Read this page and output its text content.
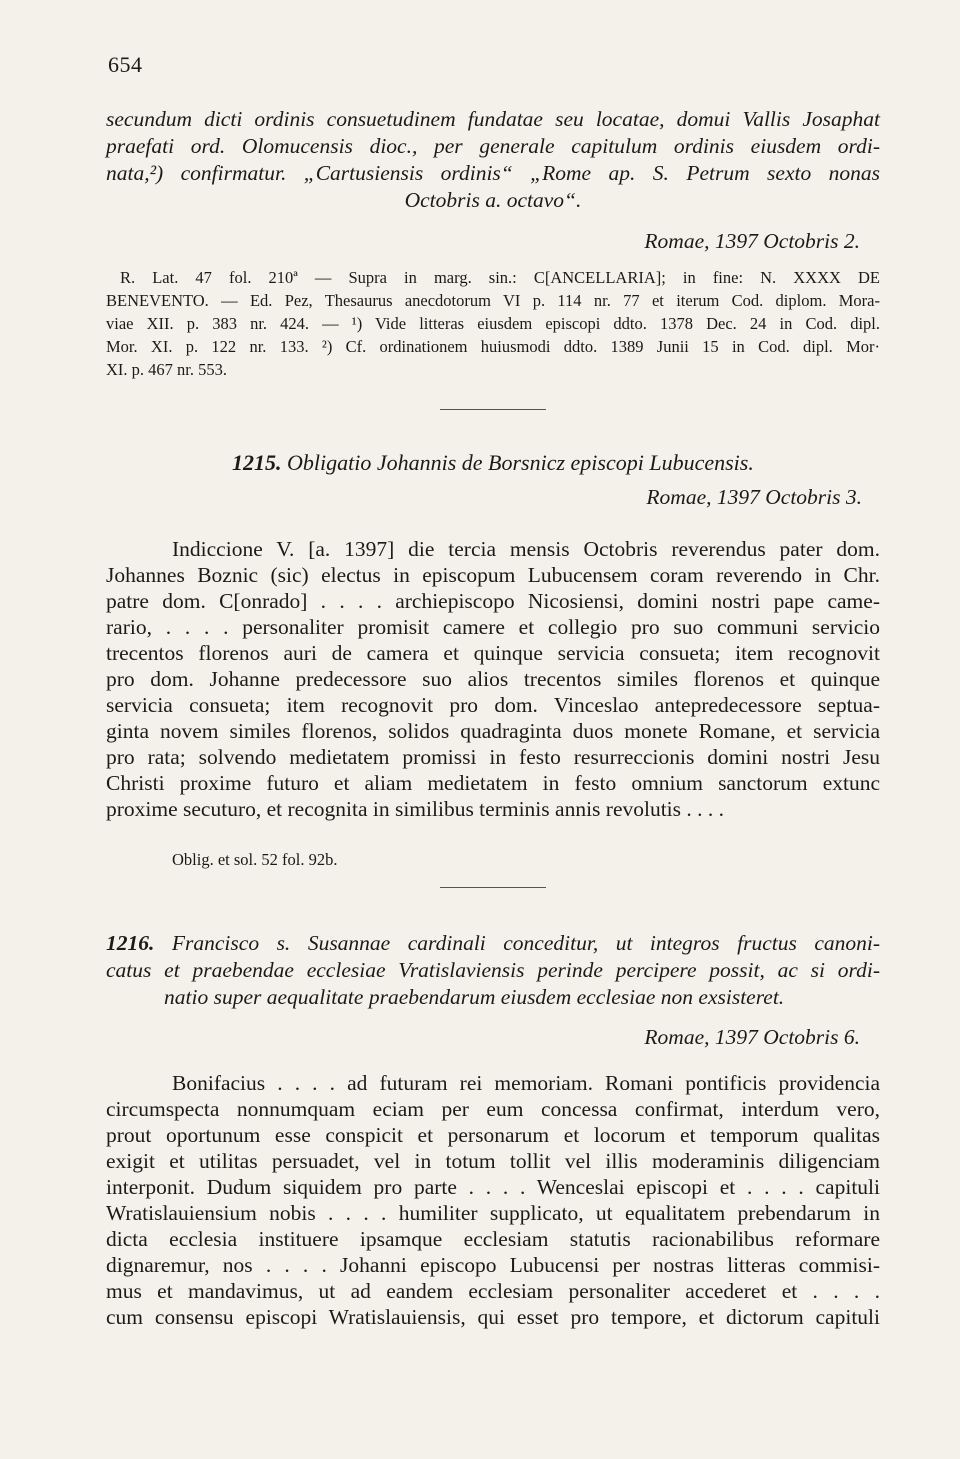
654
secundum dicti ordinis consuetudinem fundatae seu locatae, domui Vallis Josaphat
praefati ord. Olomucensis dioc., per generale capitulum ordinis eiusdem ordi-
nata,²) confirmatur. „Cartusiensis ordinis“ „Rome ap. S. Petrum sexto nonas
Octobris a. octavo“.
Romae, 1397 Octobris 2.
R. Lat. 47 fol. 210ª — Supra in marg. sin.: C[ANCELLARIA]; in fine: N. XXXX DE
BENEVENTO. — Ed. Pez, Thesaurus anecdotorum VI p. 114 nr. 77 et iterum Cod. diplom. Mora-
viae XII. p. 383 nr. 424. — ¹) Vide litteras eiusdem episcopi ddto. 1378 Dec. 24 in Cod. dipl.
Mor. XI. p. 122 nr. 133. ²) Cf. ordinationem huiusmodi ddto. 1389 Junii 15 in Cod. dipl. Mor·
XI. p. 467 nr. 553.
1215. Obligatio Johannis de Borsnicz episcopi Lubucensis.
Romae, 1397 Octobris 3.
Indiccione V. [a. 1397] die tercia mensis Octobris reverendus pater dom.
Johannes Boznic (sic) electus in episcopum Lubucensem coram reverendo in Chr.
patre dom. C[onrado] . . . . archiepiscopo Nicosiensi, domini nostri pape came-
rario, . . . . personaliter promisit camere et collegio pro suo communi servicio
trecentos florenos auri de camera et quinque servicia consueta; item recognovit
pro dom. Johanne predecessore suo alios trecentos similes florenos et quinque
servicia consueta; item recognovit pro dom. Vinceslao antepredecessore septua-
ginta novem similes florenos, solidos quadraginta duos monete Romane, et servicia
pro rata; solvendo medietatem promissi in festo resurreccionis domini nostri Jesu
Christi proxime futuro et aliam medietatem in festo omnium sanctorum extunc
proxime secuturo, et recognita in similibus terminis annis revolutis . . . .
Oblig. et sol. 52 fol. 92b.
1216. Francisco s. Susannae cardinali conceditur, ut integros fructus canoni-
catus et praebendae ecclesiae Vratislaviensis perinde percipere possit, ac si ordi-
natio super aequalitate praebendarum eiusdem ecclesiae non exsisteret.
Romae, 1397 Octobris 6.
Bonifacius . . . . ad futuram rei memoriam. Romani pontificis providencia
circumspecta nonnumquam eciam per eum concessa confirmat, interdum vero,
prout oportunum esse conspicit et personarum et locorum et temporum qualitas
exigit et utilitas persuadet, vel in totum tollit vel illis moderaminis diligenciam
interponit. Dudum siquidem pro parte . . . . Wenceslai episcopi et . . . . capituli
Wratislauiensium nobis . . . . humiliter supplicato, ut equalitatem prebendarum in
dicta ecclesia instituere ipsamque ecclesiam statutis racionabilibus reformare
dignaremur, nos . . . . Johanni episcopo Lubucensi per nostras litteras commisi-
mus et mandavimus, ut ad eandem ecclesiam personaliter accederet et . . . .
cum consensu episcopi Wratislauiensis, qui esset pro tempore, et dictorum capituli
